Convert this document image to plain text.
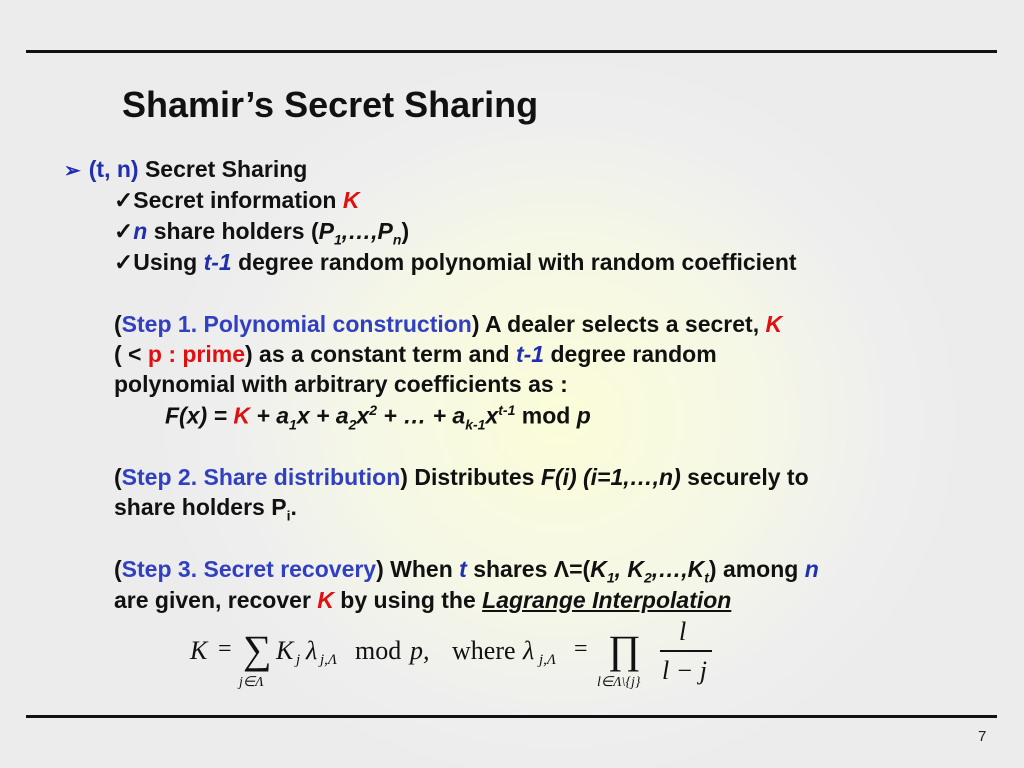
Shamir’s Secret Sharing
➢ (t, n) Secret Sharing
✓Secret information K
✓n share holders $(P_1,\dots,P_n)$
✓Using t-1 degree random polynomial with random coefficient
(Step 1. Polynomial construction) A dealer selects a secret, K
( < p : prime) as a constant term and t-1 degree random
polynomial with arbitrary coefficients as :
$F(x) = K + a_1x + a_2x^2$ + … + $a_{k-1}x^{t-1}$ mod p
(Step 2. Share distribution) Distributes F(i) (i=1,…,n) securely to
share holders $P_i$.
(Step 3. Secret recovery) When t shares $\Lambda=(K_1$, $K_2,\dots,K_t$) among n
are given, recover K by using the Lagrange Interpolation
K = ∑
j∈Λ
K j λ j,Λ mod p, where λ j,Λ = ∏
l∈Λ\{j}
l
l − j
7
